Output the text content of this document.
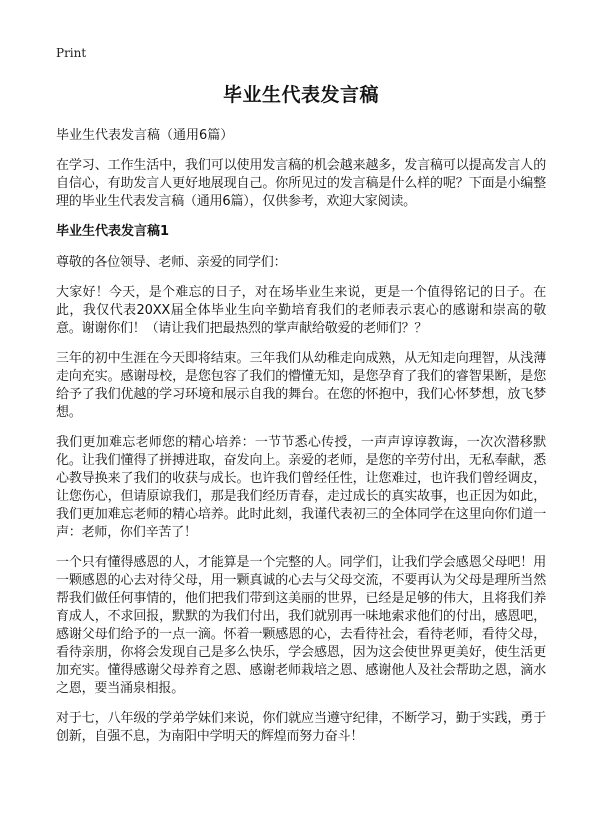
Print
毕业生代表发言稿
毕业生代表发言稿（通用6篇）

在学习、工作生活中，我们可以使用发言稿的机会越来越多，发言稿可以提高发言人的自信心，有助发言人更好地展现自己。你所见过的发言稿是什么样的呢？下面是小编整理的毕业生代表发言稿（通用6篇），仅供参考，欢迎大家阅读。

毕业生代表发言稿1

尊敬的各位领导、老师、亲爱的同学们：

大家好！今天，是个难忘的日子，对在场毕业生来说，更是一个值得铭记的日子。在此，我仅代表20XX届全体毕业生向辛勤培育我们的老师表示衷心的感谢和崇高的敬意。谢谢你们！（请让我们把最热烈的掌声献给敬爱的老师们？？

三年的初中生涯在今天即将结束。三年我们从幼稚走向成熟，从无知走向理智，从浅薄走向充实。感谢母校，是您包容了我们的懵懂无知，是您孕育了我们的睿智果断，是您给予了我们优越的学习环境和展示自我的舞台。在您的怀抱中，我们心怀梦想，放飞梦想。

我们更加难忘老师您的精心培养：一节节悉心传授，一声声谆谆教诲，一次次潜移默化。让我们懂得了拼搏进取，奋发向上。亲爱的老师，是您的辛劳付出，无私奉献，悉心教导换来了我们的收获与成长。也许我们曾经任性，让您难过，也许我们曾经调皮，让您伤心，但请原谅我们，那是我们经历青春，走过成长的真实故事，也正因为如此，我们更加难忘老师的精心培养。此时此刻，我谨代表初三的全体同学在这里向你们道一声：老师，你们辛苦了！

一个只有懂得感恩的人，才能算是一个完整的人。同学们，让我们学会感恩父母吧！用一颗感恩的心去对待父母，用一颗真诚的心去与父母交流，不要再认为父母是理所当然帮我们做任何事情的，他们把我们带到这美丽的世界，已经是足够的伟大，且将我们养育成人，不求回报，默默的为我们付出，我们就别再一味地索求他们的付出，感恩吧，感谢父母们给予的一点一滴。怀着一颗感恩的心，去看待社会，看待老师，看待父母，看待亲朋，你将会发现自己是多么快乐，学会感恩，因为这会使世界更美好，使生活更加充实。懂得感谢父母养育之恩、感谢老师栽培之恩、感谢他人及社会帮助之恩，滴水之恩，要当涌泉相报。

对于七，八年级的学弟学妹们来说，你们就应当遵守纪律，不断学习，勤于实践，勇于创新，自强不息，为南阳中学明天的辉煌而努力奋斗！
